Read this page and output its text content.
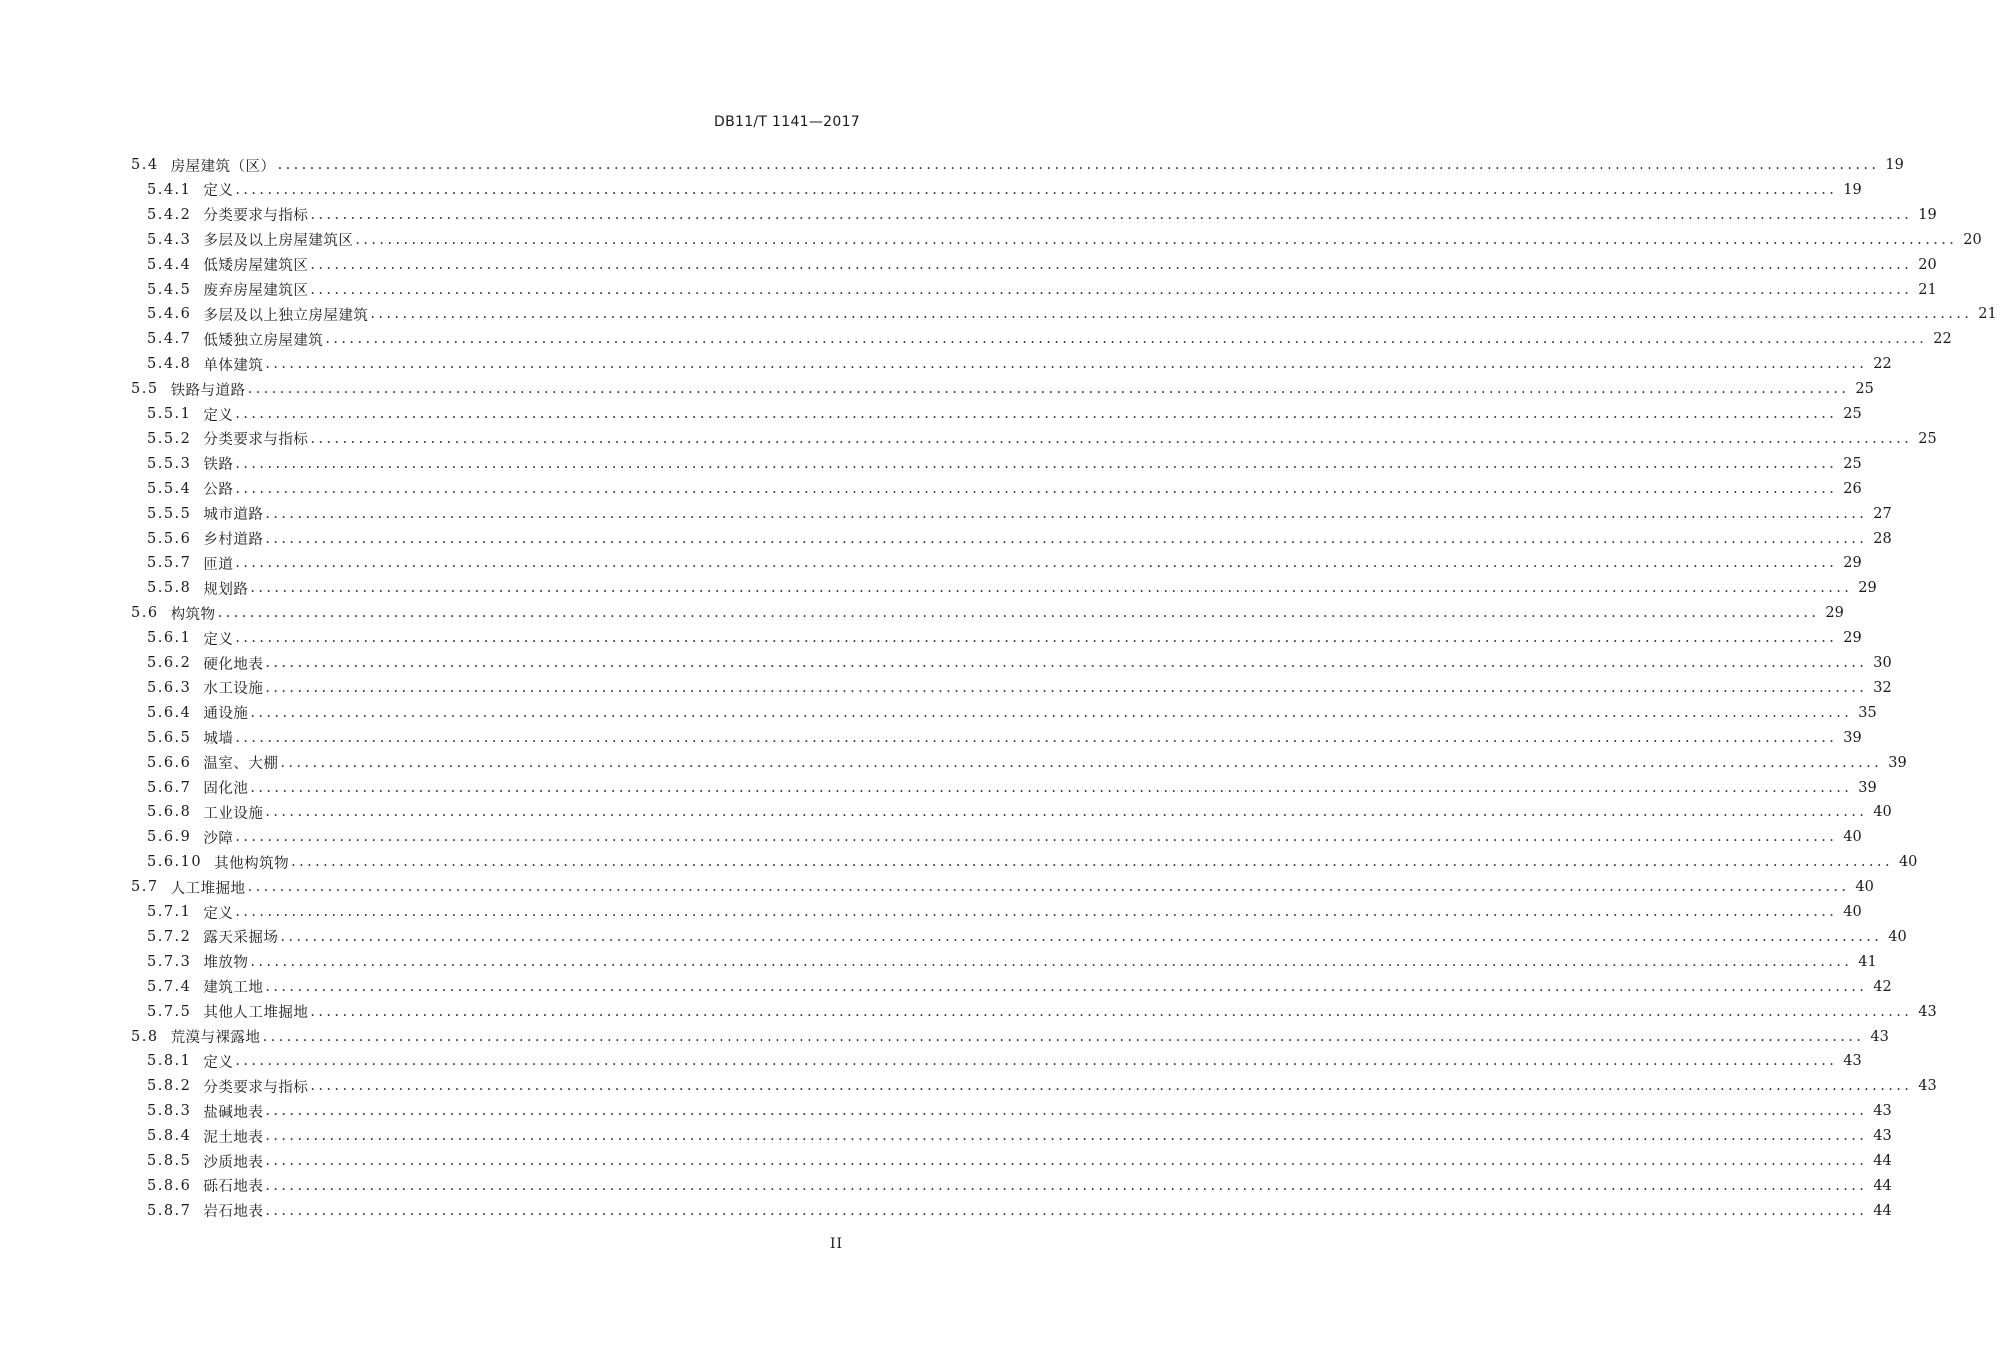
DB11/T 1141—2017
5.4 房屋建筑（区） ........................................................................................................................................................................................................ 19
5.4.1 定义 ........................................................................................................................................................................................................ 19
5.4.2 分类要求与指标 ........................................................................................................................................................................................................ 19
5.4.3 多层及以上房屋建筑区 ........................................................................................................................................................................................................ 20
5.4.4 低矮房屋建筑区 ........................................................................................................................................................................................................ 20
5.4.5 废弃房屋建筑区 ........................................................................................................................................................................................................ 21
5.4.6 多层及以上独立房屋建筑 ........................................................................................................................................................................................................ 21
5.4.7 低矮独立房屋建筑 ........................................................................................................................................................................................................ 22
5.4.8 单体建筑 ........................................................................................................................................................................................................ 22
5.5 铁路与道路 ........................................................................................................................................................................................................ 25
5.5.1 定义 ........................................................................................................................................................................................................ 25
5.5.2 分类要求与指标 ........................................................................................................................................................................................................ 25
5.5.3 铁路 ........................................................................................................................................................................................................ 25
5.5.4 公路 ........................................................................................................................................................................................................ 26
5.5.5 城市道路 ........................................................................................................................................................................................................ 27
5.5.6 乡村道路 ........................................................................................................................................................................................................ 28
5.5.7 匝道 ........................................................................................................................................................................................................ 29
5.5.8 规划路 ........................................................................................................................................................................................................ 29
5.6 构筑物 ........................................................................................................................................................................................................ 29
5.6.1 定义 ........................................................................................................................................................................................................ 29
5.6.2 硬化地表 ........................................................................................................................................................................................................ 30
5.6.3 水工设施 ........................................................................................................................................................................................................ 32
5.6.4 通设施 ........................................................................................................................................................................................................ 35
5.6.5 城墙 ........................................................................................................................................................................................................ 39
5.6.6 温室、大棚 ........................................................................................................................................................................................................ 39
5.6.7 固化池 ........................................................................................................................................................................................................ 39
5.6.8 工业设施 ........................................................................................................................................................................................................ 40
5.6.9 沙障 ........................................................................................................................................................................................................ 40
5.6.10 其他构筑物 ........................................................................................................................................................................................................ 40
5.7 人工堆掘地 ........................................................................................................................................................................................................ 40
5.7.1 定义 ........................................................................................................................................................................................................ 40
5.7.2 露天采掘场 ........................................................................................................................................................................................................ 40
5.7.3 堆放物 ........................................................................................................................................................................................................ 41
5.7.4 建筑工地 ........................................................................................................................................................................................................ 42
5.7.5 其他人工堆掘地 ........................................................................................................................................................................................................ 43
5.8 荒漠与裸露地 ........................................................................................................................................................................................................ 43
5.8.1 定义 ........................................................................................................................................................................................................ 43
5.8.2 分类要求与指标 ........................................................................................................................................................................................................ 43
5.8.3 盐碱地表 ........................................................................................................................................................................................................ 43
5.8.4 泥土地表 ........................................................................................................................................................................................................ 43
5.8.5 沙质地表 ........................................................................................................................................................................................................ 44
5.8.6 砾石地表 ........................................................................................................................................................................................................ 44
5.8.7 岩石地表 ........................................................................................................................................................................................................ 44
II
